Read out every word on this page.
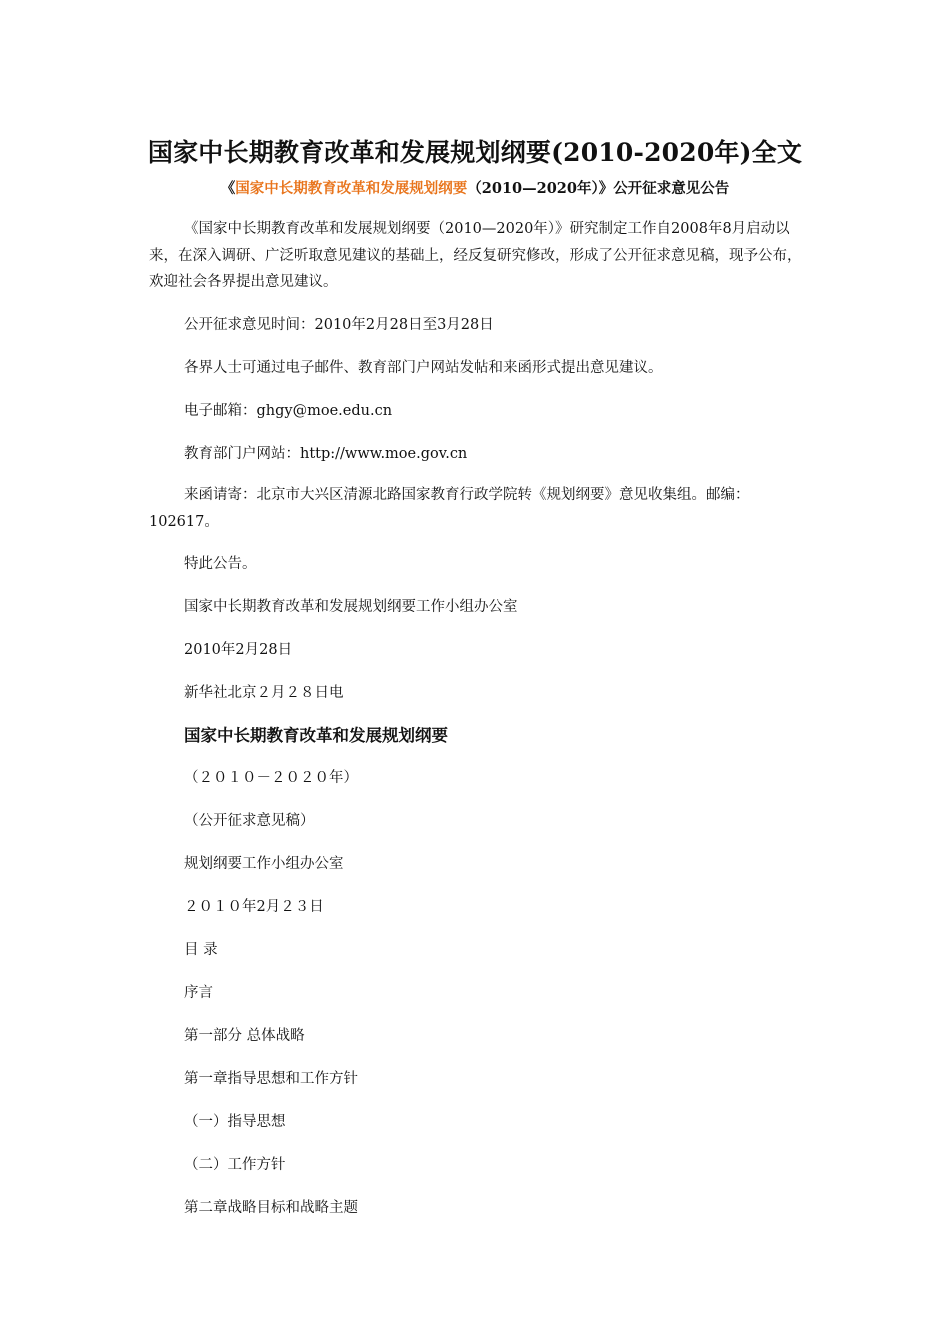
国家中长期教育改革和发展规划纲要(2010-2020年)全文
《国家中长期教育改革和发展规划纲要（2010—2020年）》公开征求意见公告
《国家中长期教育改革和发展规划纲要（2010—2020年）》研究制定工作自2008年8月启动以来，在深入调研、广泛听取意见建议的基础上，经反复研究修改，形成了公开征求意见稿，现予公布，欢迎社会各界提出意见建议。
公开征求意见时间：2010年2月28日至3月28日
各界人士可通过电子邮件、教育部门户网站发帖和来函形式提出意见建议。
电子邮箱：ghgy@moe.edu.cn
教育部门户网站：http://www.moe.gov.cn
来函请寄：北京市大兴区清源北路国家教育行政学院转《规划纲要》意见收集组。邮编：102617。
特此公告。
国家中长期教育改革和发展规划纲要工作小组办公室
2010年2月28日
新华社北京２月２８日电
国家中长期教育改革和发展规划纲要
（２０１０－２０２０年）
（公开征求意见稿）
规划纲要工作小组办公室
２０１０年2月２３日
目 录
序言
第一部分 总体战略
第一章指导思想和工作方针
（一）指导思想
（二）工作方针
第二章战略目标和战略主题
